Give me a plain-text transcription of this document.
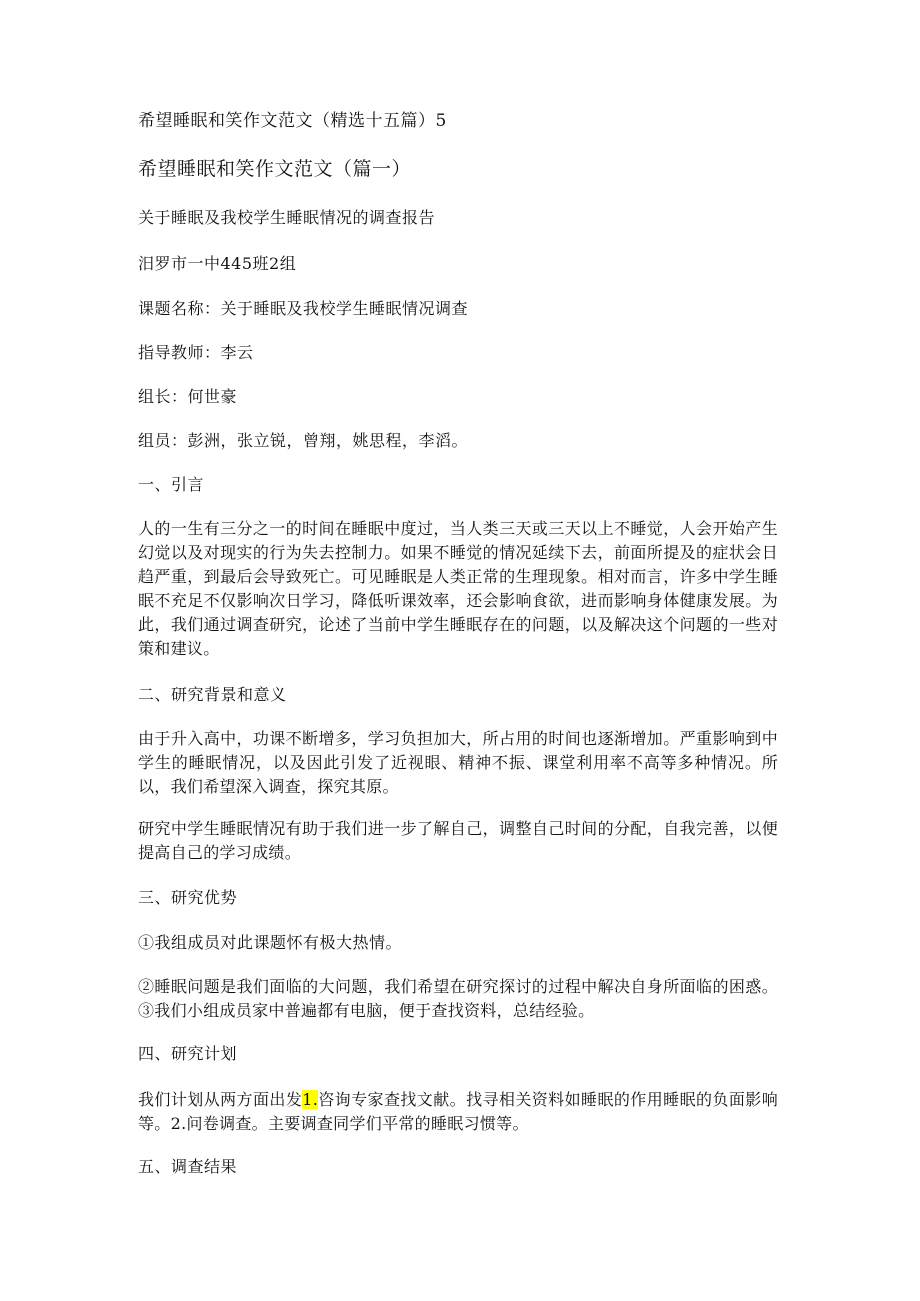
希望睡眠和笑作文范文（精选十五篇）5

希望睡眠和笑作文范文（篇一）

关于睡眠及我校学生睡眠情况的调查报告

汨罗市一中445班2组

课题名称：关于睡眠及我校学生睡眠情况调查

指导教师：李云

组长：何世豪

组员：彭洲，张立锐，曾翔，姚思程，李滔。

一、引言

人的一生有三分之一的时间在睡眠中度过，当人类三天或三天以上不睡觉，人会开始产生幻觉以及对现实的行为失去控制力。如果不睡觉的情况延续下去，前面所提及的症状会日趋严重，到最后会导致死亡。可见睡眠是人类正常的生理现象。相对而言，许多中学生睡眠不充足不仅影响次日学习，降低听课效率，还会影响食欲，进而影响身体健康发展。为此，我们通过调查研究，论述了当前中学生睡眠存在的问题，以及解决这个问题的一些对策和建议。

二、研究背景和意义

由于升入高中，功课不断增多，学习负担加大，所占用的时间也逐渐增加。严重影响到中学生的睡眠情况，以及因此引发了近视眼、精神不振、课堂利用率不高等多种情况。所以，我们希望深入调查，探究其原。

研究中学生睡眠情况有助于我们进一步了解自己，调整自己时间的分配，自我完善，以便提高自己的学习成绩。

三、研究优势

①我组成员对此课题怀有极大热情。

②睡眠问题是我们面临的大问题，我们希望在研究探讨的过程中解决自身所面临的困惑。③我们小组成员家中普遍都有电脑，便于查找资料，总结经验。

四、研究计划

我们计划从两方面出发1.咨询专家查找文献。找寻相关资料如睡眠的作用睡眠的负面影响等。2.问卷调查。主要调查同学们平常的睡眠习惯等。

五、调查结果
